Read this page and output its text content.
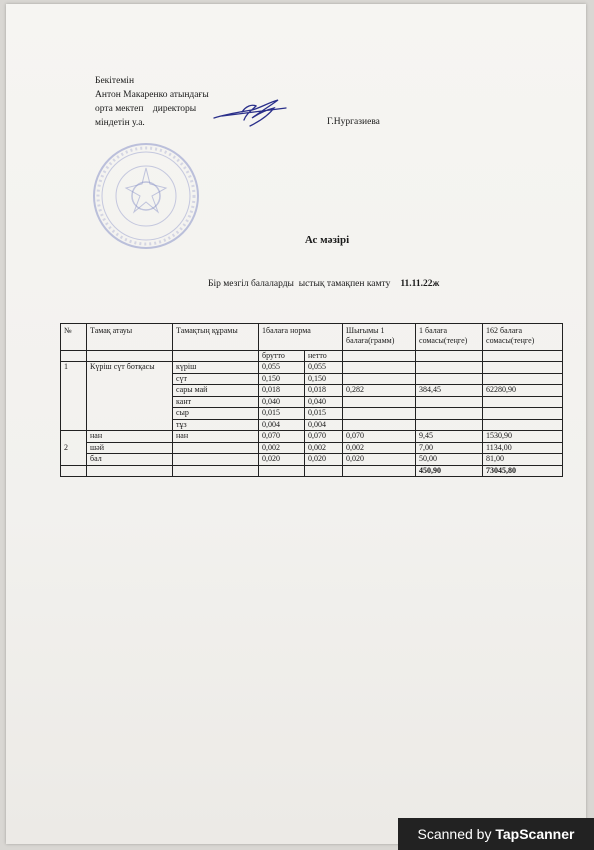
Бекітемін
Антон Макаренко атындағы
орта мектеп    директоры
міндетін у.а.	Г.Нургазиева
Ас мәзірі
Бір мезгіл балаларды  ыстық тамақпен камту 11.11.22ж
№	Тамақ атауы	Тамақтың құрамы	1балаға норма		Шығымы 1 балаға(грамм)	1 балаға сомасы(теңге)	162 балаға сомасы(теңге)
			брутто	нетто			
1	Күріш сүт ботқасы	күріш	0,055	0,055			
		сүт	0,150	0,150			
		сары май	0,018	0,018	0,282	384,45	62280,90
		кант	0,040	0,040			
		сыр	0,015	0,015			
		тұз	0,004	0,004			
2	нан	нан	0,070	0,070	0,070	9,45	1530,90
	шәй		0,002	0,002	0,002	7,00	1134,00
	бал		0,020	0,020	0,020	50,00	81,00
						450,90	73045,80
Scanned by TapScanner
